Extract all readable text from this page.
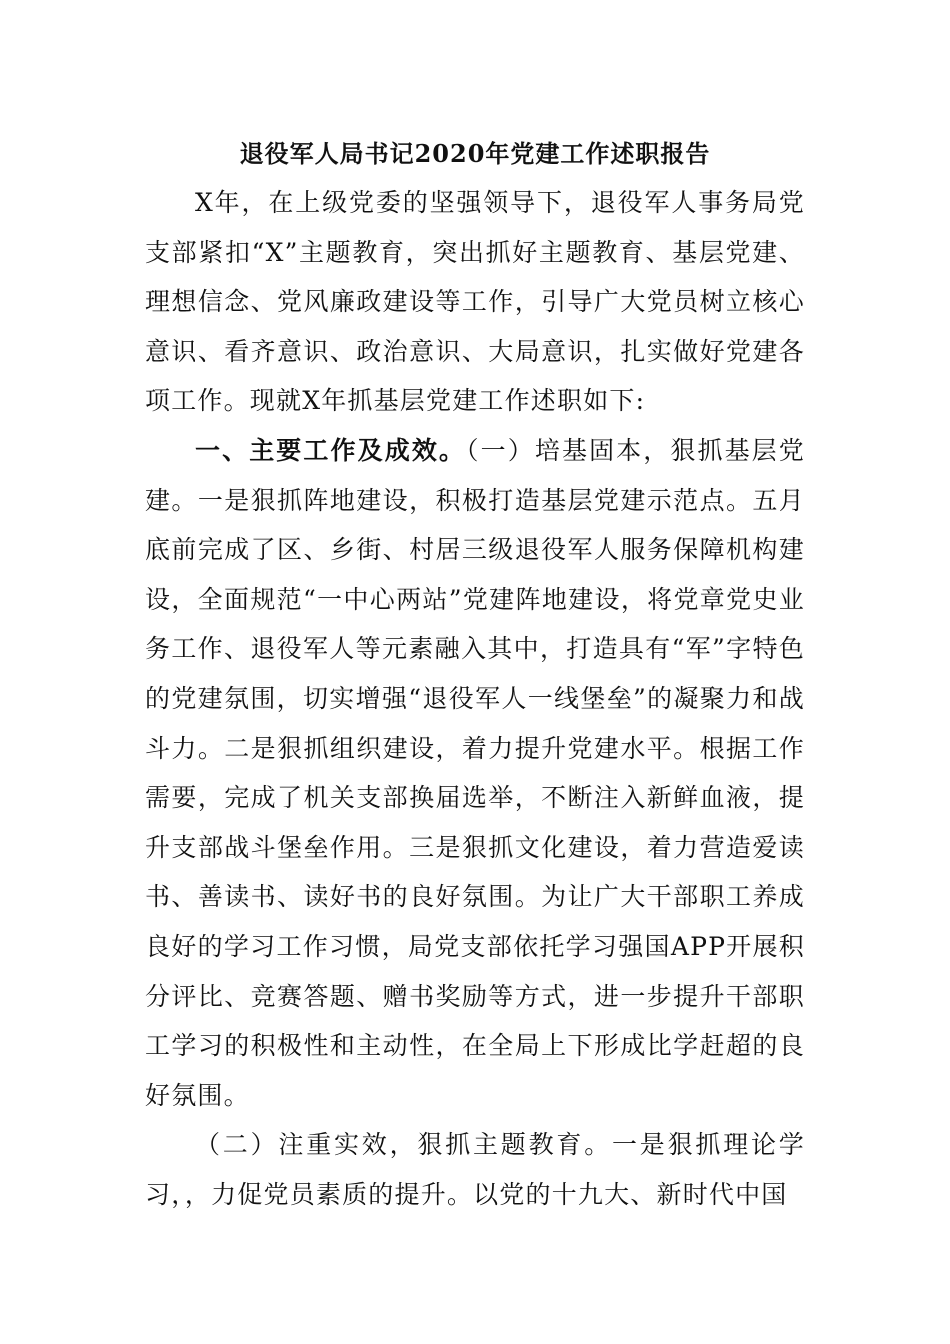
退役军人局书记2020年党建工作述职报告

X年，在上级党委的坚强领导下，退役军人事务局党支部紧扣“X”主题教育，突出抓好主题教育、基层党建、理想信念、党风廉政建设等工作，引导广大党员树立核心意识、看齐意识、政治意识、大局意识，扎实做好党建各项工作。现就X年抓基层党建工作述职如下:

一、主要工作及成效。（一）培基固本，狠抓基层党建。一是狠抓阵地建设，积极打造基层党建示范点。五月底前完成了区、乡街、村居三级退役军人服务保障机构建设，全面规范“一中心两站”党建阵地建设，将党章党史业务工作、退役军人等元素融入其中，打造具有“军”字特色的党建氛围，切实增强“退役军人一线堡垒”的凝聚力和战斗力。二是狠抓组织建设，着力提升党建水平。根据工作需要，完成了机关支部换届选举，不断注入新鲜血液，提升支部战斗堡垒作用。三是狠抓文化建设，着力营造爱读书、善读书、读好书的良好氛围。为让广大干部职工养成良好的学习工作习惯，局党支部依托学习强国APP开展积分评比、竞赛答题、赠书奖励等方式，进一步提升干部职工学习的积极性和主动性，在全局上下形成比学赶超的良好氛围。

（二）注重实效，狠抓主题教育。一是狠抓理论学习，，力促党员素质的提升。以党的十九大、新时代中国
